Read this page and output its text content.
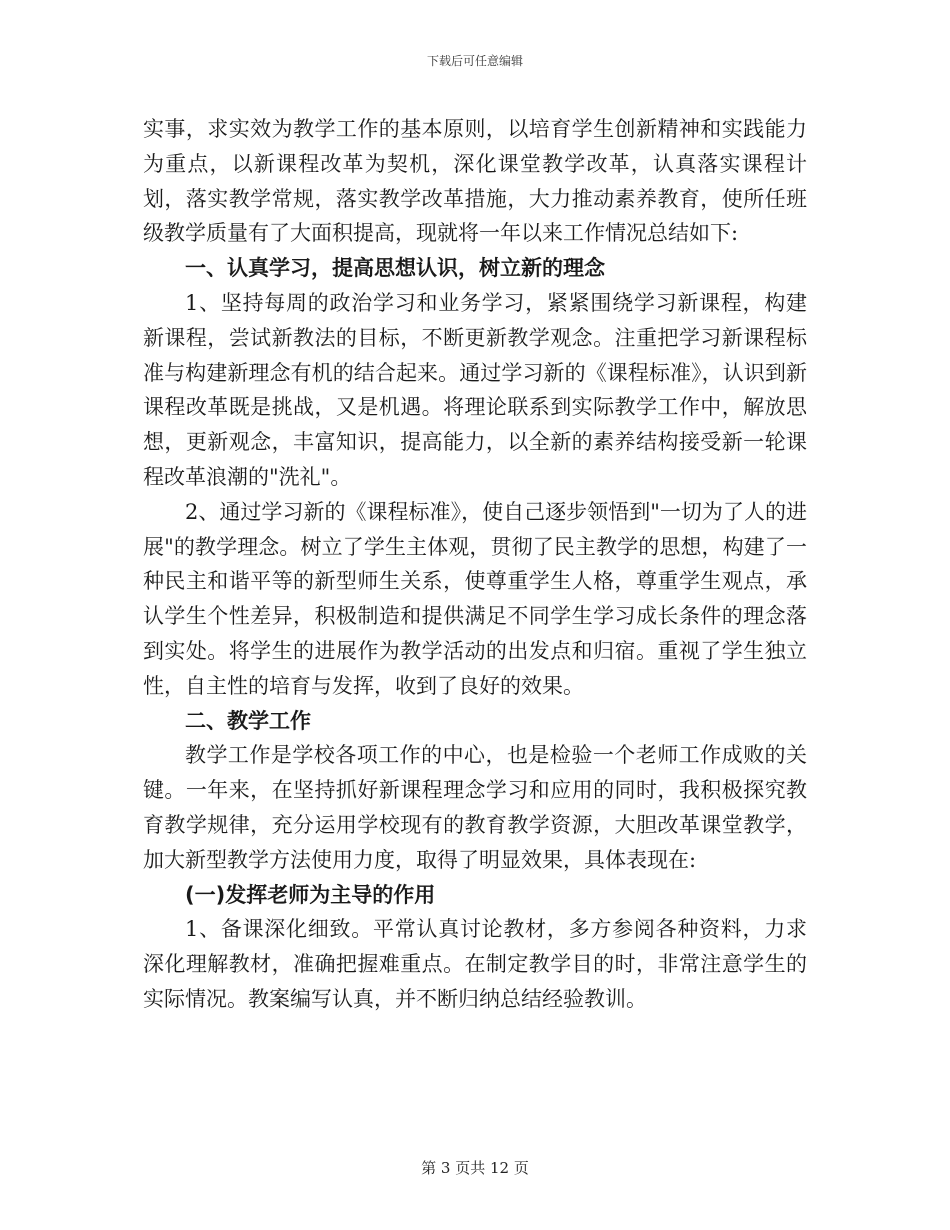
下载后可任意编辑

实事，求实效为教学工作的基本原则，以培育学生创新精神和实践能力为重点，以新课程改革为契机，深化课堂教学改革，认真落实课程计划，落实教学常规，落实教学改革措施，大力推动素养教育，使所任班级教学质量有了大面积提高，现就将一年以来工作情况总结如下:

一、认真学习，提高思想认识，树立新的理念

1、坚持每周的政治学习和业务学习，紧紧围绕学习新课程，构建新课程，尝试新教法的目标，不断更新教学观念。注重把学习新课程标准与构建新理念有机的结合起来。通过学习新的《课程标准》，认识到新课程改革既是挑战，又是机遇。将理论联系到实际教学工作中，解放思想，更新观念，丰富知识，提高能力，以全新的素养结构接受新一轮课程改革浪潮的"洗礼"。

2、通过学习新的《课程标准》，使自己逐步领悟到"一切为了人的进展"的教学理念。树立了学生主体观，贯彻了民主教学的思想，构建了一种民主和谐平等的新型师生关系，使尊重学生人格，尊重学生观点，承认学生个性差异，积极制造和提供满足不同学生学习成长条件的理念落到实处。将学生的进展作为教学活动的出发点和归宿。重视了学生独立性，自主性的培育与发挥，收到了良好的效果。

二、教学工作

教学工作是学校各项工作的中心，也是检验一个老师工作成败的关键。一年来，在坚持抓好新课程理念学习和应用的同时，我积极探究教育教学规律，充分运用学校现有的教育教学资源，大胆改革课堂教学，加大新型教学方法使用力度，取得了明显效果，具体表现在:

(一)发挥老师为主导的作用

1、备课深化细致。平常认真讨论教材，多方参阅各种资料，力求深化理解教材，准确把握难重点。在制定教学目的时，非常注意学生的实际情况。教案编写认真，并不断归纳总结经验教训。

第 3 页共 12 页
